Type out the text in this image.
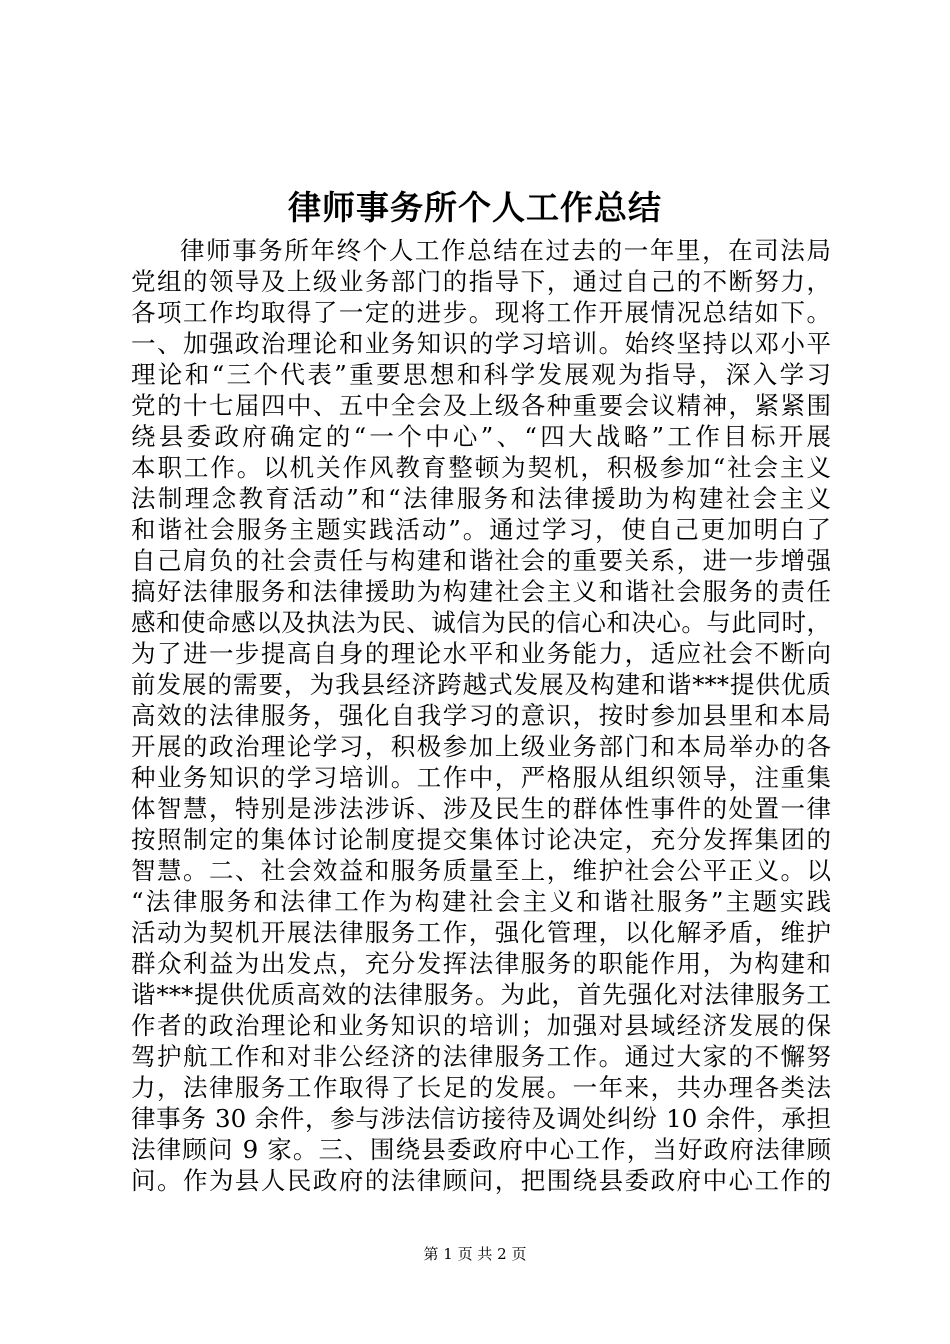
律师事务所个人工作总结
律师事务所年终个人工作总结在过去的一年里，在司法局
党组的领导及上级业务部门的指导下，通过自己的不断努力，
各项工作均取得了一定的进步。现将工作开展情况总结如下。
一、加强政治理论和业务知识的学习培训。始终坚持以邓小平
理论和“三个代表”重要思想和科学发展观为指导，深入学习
党的十七届四中、五中全会及上级各种重要会议精神，紧紧围
绕县委政府确定的“一个中心”、“四大战略”工作目标开展
本职工作。以机关作风教育整顿为契机，积极参加“社会主义
法制理念教育活动”和“法律服务和法律援助为构建社会主义
和谐社会服务主题实践活动”。通过学习，使自己更加明白了
自己肩负的社会责任与构建和谐社会的重要关系，进一步增强
搞好法律服务和法律援助为构建社会主义和谐社会服务的责任
感和使命感以及执法为民、诚信为民的信心和决心。与此同时，
为了进一步提高自身的理论水平和业务能力，适应社会不断向
前发展的需要，为我县经济跨越式发展及构建和谐***提供优质
高效的法律服务，强化自我学习的意识，按时参加县里和本局
开展的政治理论学习，积极参加上级业务部门和本局举办的各
种业务知识的学习培训。工作中，严格服从组织领导，注重集
体智慧，特别是涉法涉诉、涉及民生的群体性事件的处置一律
按照制定的集体讨论制度提交集体讨论决定，充分发挥集团的
智慧。二、社会效益和服务质量至上，维护社会公平正义。以
“法律服务和法律工作为构建社会主义和谐社服务”主题实践
活动为契机开展法律服务工作，强化管理，以化解矛盾，维护
群众利益为出发点，充分发挥法律服务的职能作用，为构建和
谐***提供优质高效的法律服务。为此，首先强化对法律服务工
作者的政治理论和业务知识的培训；加强对县域经济发展的保
驾护航工作和对非公经济的法律服务工作。通过大家的不懈努
力，法律服务工作取得了长足的发展。一年来，共办理各类法
律事务 30 余件，参与涉法信访接待及调处纠纷 10 余件，承担
法律顾问 9 家。三、围绕县委政府中心工作，当好政府法律顾
问。作为县人民政府的法律顾问，把围绕县委政府中心工作的
第 1 页 共 2 页
